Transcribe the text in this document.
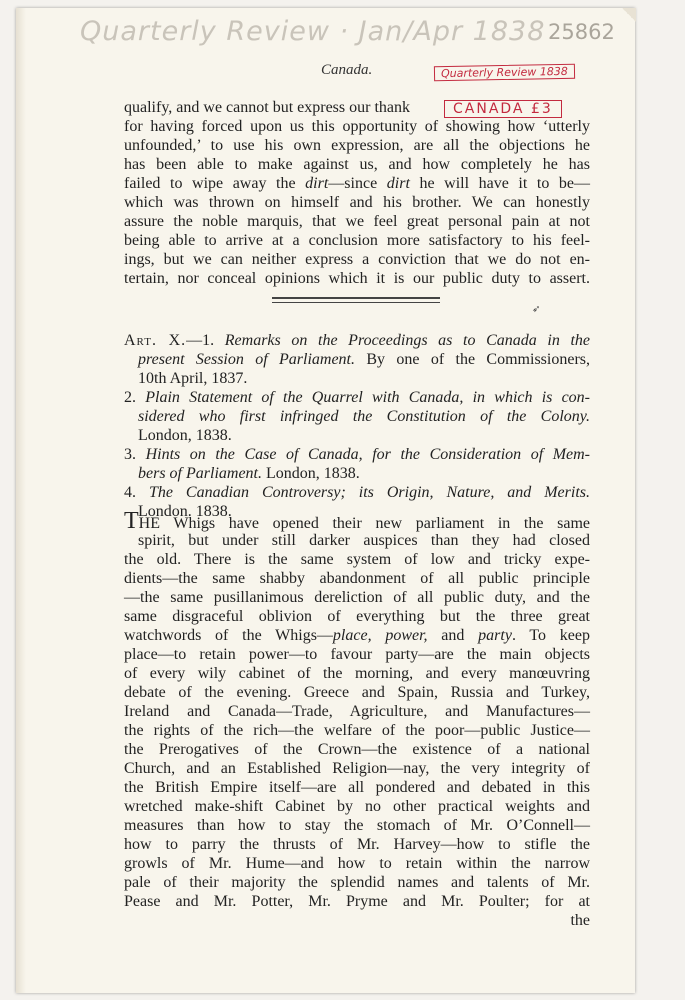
Quarterly Review · Jan/Apr 1838 25862
Canada.	Quarterly Review 1838
CANADA £3
qualify, and we cannot but express our thank
for having forced upon us this opportunity of showing how ‘utterly
unfounded,’ to use his own expression, are all the objections he
has been able to make against us, and how completely he has
failed to wipe away the dirt—since dirt he will have it to be—
which was thrown on himself and his brother. We can honestly
assure the noble marquis, that we feel great personal pain at not
being able to arrive at a conclusion more satisfactory to his feel-
ings, but we can neither express a conviction that we do not en-
tertain, nor conceal opinions which it is our public duty to assert.
➶
Art. X.—1. Remarks on the Proceedings as to Canada in the
present Session of Parliament. By one of the Commissioners,
10th April, 1837.
2. Plain Statement of the Quarrel with Canada, in which is con-
sidered who first infringed the Constitution of the Colony.
London, 1838.
3. Hints on the Case of Canada, for the Consideration of Mem-
bers of Parliament. London, 1838.
4. The Canadian Controversy; its Origin, Nature, and Merits.
London. 1838.
THE Whigs have opened their new parliament in the same
spirit, but under still darker auspices than they had closed
the old. There is the same system of low and tricky expe-
dients—the same shabby abandonment of all public principle
—the same pusillanimous dereliction of all public duty, and the
same disgraceful oblivion of everything but the three great
watchwords of the Whigs—place, power, and party. To keep
place—to retain power—to favour party—are the main objects
of every wily cabinet of the morning, and every manœuvring
debate of the evening. Greece and Spain, Russia and Turkey,
Ireland and Canada—Trade, Agriculture, and Manufactures—
the rights of the rich—the welfare of the poor—public Justice—
the Prerogatives of the Crown—the existence of a national
Church, and an Established Religion—nay, the very integrity of
the British Empire itself—are all pondered and debated in this
wretched make-shift Cabinet by no other practical weights and
measures than how to stay the stomach of Mr. O’Connell—
how to parry the thrusts of Mr. Harvey—how to stifle the
growls of Mr. Hume—and how to retain within the narrow
pale of their majority the splendid names and talents of Mr.
Pease and Mr. Potter, Mr. Pryme and Mr. Poulter; for at
the
